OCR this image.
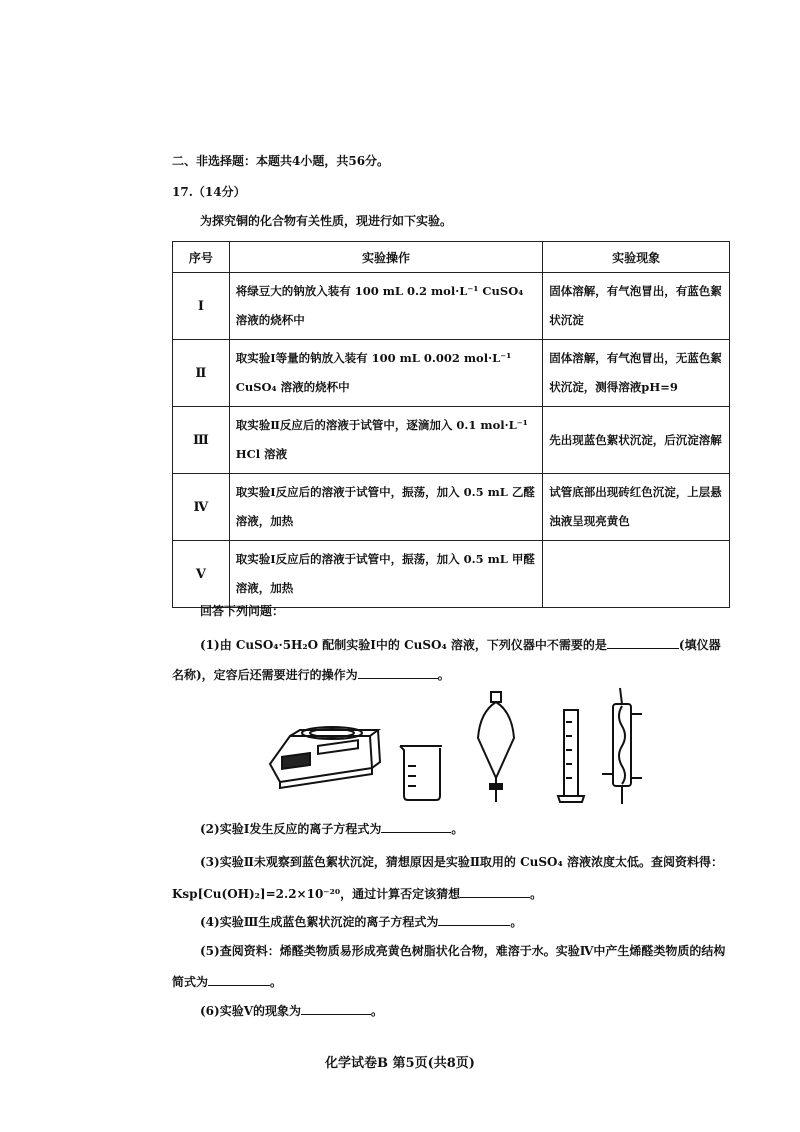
二、非选择题：本题共4小题，共56分。
17.（14分）
为探究铜的化合物有关性质，现进行如下实验。
序号	实验操作	实验现象
Ⅰ	将绿豆大的钠放入装有 100 mL 0.2 mol·L⁻¹ CuSO₄ 溶液的烧杯中	固体溶解，有气泡冒出，有蓝色絮状沉淀
Ⅱ	取实验Ⅰ等量的钠放入装有 100 mL 0.002 mol·L⁻¹ CuSO₄ 溶液的烧杯中	固体溶解，有气泡冒出，无蓝色絮状沉淀，测得溶液pH=9
Ⅲ	取实验Ⅱ反应后的溶液于试管中，逐滴加入 0.1 mol·L⁻¹ HCl 溶液	先出现蓝色絮状沉淀，后沉淀溶解
Ⅳ	取实验Ⅰ反应后的溶液于试管中，振荡，加入 0.5 mL 乙醛溶液，加热	试管底部出现砖红色沉淀，上层悬浊液呈现亮黄色
Ⅴ	取实验Ⅰ反应后的溶液于试管中，振荡，加入 0.5 mL 甲醛溶液，加热	
回答下列问题：
(1)由 CuSO₄·5H₂O 配制实验Ⅰ中的 CuSO₄ 溶液，下列仪器中不需要的是	(填仪器
名称)，定容后还需要进行的操作为	。
(2)实验Ⅰ发生反应的离子方程式为	。
(3)实验Ⅱ未观察到蓝色絮状沉淀，猜想原因是实验Ⅱ取用的 CuSO₄ 溶液浓度太低。查阅资料得：
Ksp[Cu(OH)₂]=2.2×10⁻²⁰，通过计算否定该猜想	。
(4)实验Ⅲ生成蓝色絮状沉淀的离子方程式为	。
(5)查阅资料：烯醛类物质易形成亮黄色树脂状化合物，难溶于水。实验Ⅳ中产生烯醛类物质的结构
简式为	。
(6)实验Ⅴ的现象为	。
化学试卷B 第5页(共8页)
